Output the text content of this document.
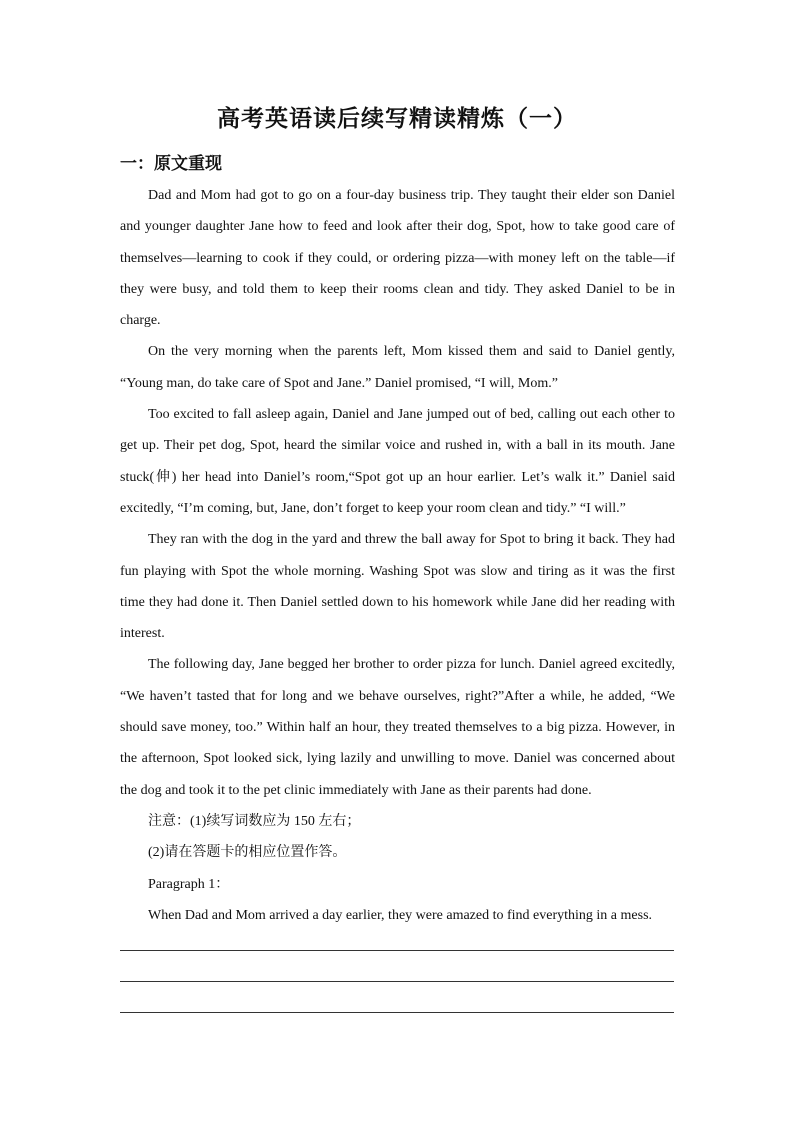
高考英语读后续写精读精炼（一）
一：原文重现

Dad and Mom had got to go on a four-day business trip. They taught their elder son Daniel and younger daughter Jane how to feed and look after their dog, Spot, how to take good care of themselves—learning to cook if they could, or ordering pizza—with money left on the table—if they were busy, and told them to keep their rooms clean and tidy. They asked Daniel to be in charge.

On the very morning when the parents left, Mom kissed them and said to Daniel gently, “Young man, do take care of Spot and Jane.” Daniel promised, “I will, Mom.”

Too excited to fall asleep again, Daniel and Jane jumped out of bed, calling out each other to get up. Their pet dog, Spot, heard the similar voice and rushed in, with a ball in its mouth. Jane stuck(伸) her head into Daniel’s room,“Spot got up an hour earlier. Let’s walk it.” Daniel said excitedly, “I’m coming, but, Jane, don’t forget to keep your room clean and tidy.” “I will.”

They ran with the dog in the yard and threw the ball away for Spot to bring it back. They had fun playing with Spot the whole morning. Washing Spot was slow and tiring as it was the first time they had done it. Then Daniel settled down to his homework while Jane did her reading with interest.

The following day, Jane begged her brother to order pizza for lunch. Daniel agreed excitedly, “We haven’t tasted that for long and we behave ourselves, right?”After a while, he added, “We should save money, too.” Within half an hour, they treated themselves to a big pizza. However, in the afternoon, Spot looked sick, lying lazily and unwilling to move. Daniel was concerned about the dog and took it to the pet clinic immediately with Jane as their parents had done.

注意：(1)续写词数应为 150 左右；

(2)请在答题卡的相应位置作答。

Paragraph 1：

When Dad and Mom arrived a day earlier, they were amazed to find everything in a mess.
